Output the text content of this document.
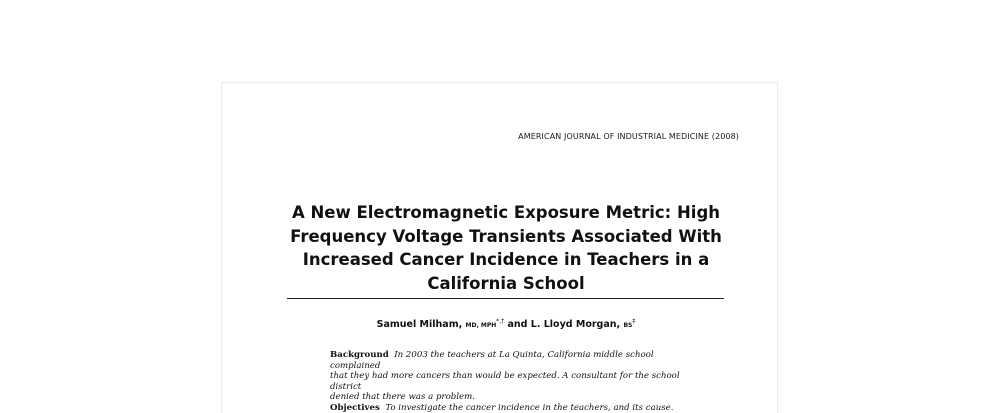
AMERICAN JOURNAL OF INDUSTRIAL MEDICINE (2008)
A New Electromagnetic Exposure Metric: High Frequency Voltage Transients Associated With Increased Cancer Incidence in Teachers in a California School
Samuel Milham, MD, MPH*,† and L. Lloyd Morgan, BS‡

Background In 2003 the teachers at La Quinta, California middle school complained

that they had more cancers than would be expected. A consultant for the school district

denied that there was a problem.

Objectives To investigate the cancer incidence in the teachers, and its cause.
